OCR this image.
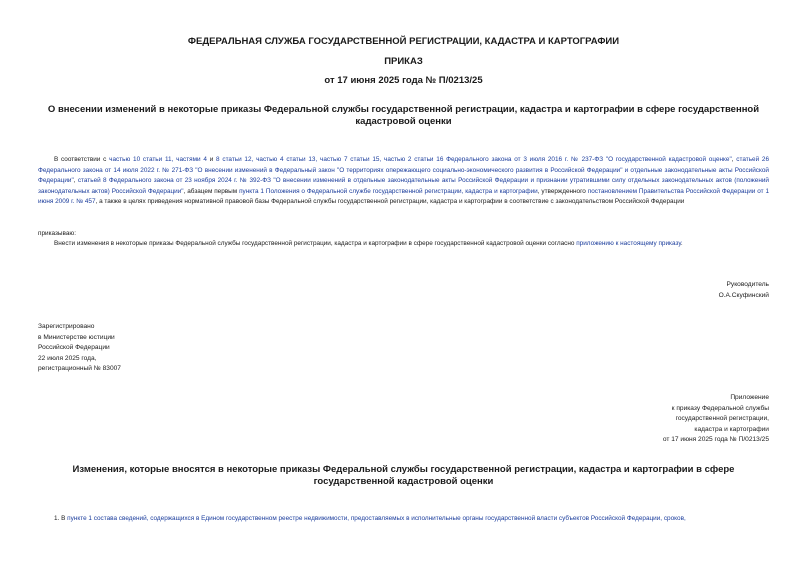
ФЕДЕРАЛЬНАЯ СЛУЖБА ГОСУДАРСТВЕННОЙ РЕГИСТРАЦИИ, КАДАСТРА И КАРТОГРАФИИ
ПРИКАЗ
от 17 июня 2025 года № П/0213/25
О внесении изменений в некоторые приказы Федеральной службы государственной регистрации, кадастра и картографии в сфере государственной кадастровой оценки
В соответствии с частью 10 статьи 11, частями 4 и 8 статьи 12, частью 4 статьи 13, частью 7 статьи 15, частью 2 статьи 16 Федерального закона от 3 июля 2016 г. № 237-ФЗ "О государственной кадастровой оценке", статьей 26 Федерального закона от 14 июля 2022 г. № 271-ФЗ "О внесении изменений в Федеральный закон "О территориях опережающего социально-экономического развития в Российской Федерации" и отдельные законодательные акты Российской Федерации", статьей 8 Федерального закона от 23 ноября 2024 г. № 392-ФЗ "О внесении изменений в отдельные законодательные акты Российской Федерации и признании утратившими силу отдельных законодательных актов (положений законодательных актов) Российской Федерации", абзацем первым пункта 1 Положения о Федеральной службе государственной регистрации, кадастра и картографии, утвержденного постановлением Правительства Российской Федерации от 1 июня 2009 г. № 457, а также в целях приведения нормативной правовой базы Федеральной службы государственной регистрации, кадастра и картографии в соответствие с законодательством Российской Федерации
приказываю:
Внести изменения в некоторые приказы Федеральной службы государственной регистрации, кадастра и картографии в сфере государственной кадастровой оценки согласно приложению к настоящему приказу.
Руководитель
О.А.Скуфинский
Зарегистрировано
в Министерстве юстиции
Российской Федерации
22 июля 2025 года,
регистрационный № 83007
Приложение
к приказу Федеральной службы
государственной регистрации,
кадастра и картографии
от 17 июня 2025 года № П/0213/25
Изменения, которые вносятся в некоторые приказы Федеральной службы государственной регистрации, кадастра и картографии в сфере государственной кадастровой оценки
1. В пункте 1 состава сведений, содержащихся в Едином государственном реестре недвижимости, предоставляемых в исполнительные органы государственной власти субъектов Российской Федерации, сроков,
